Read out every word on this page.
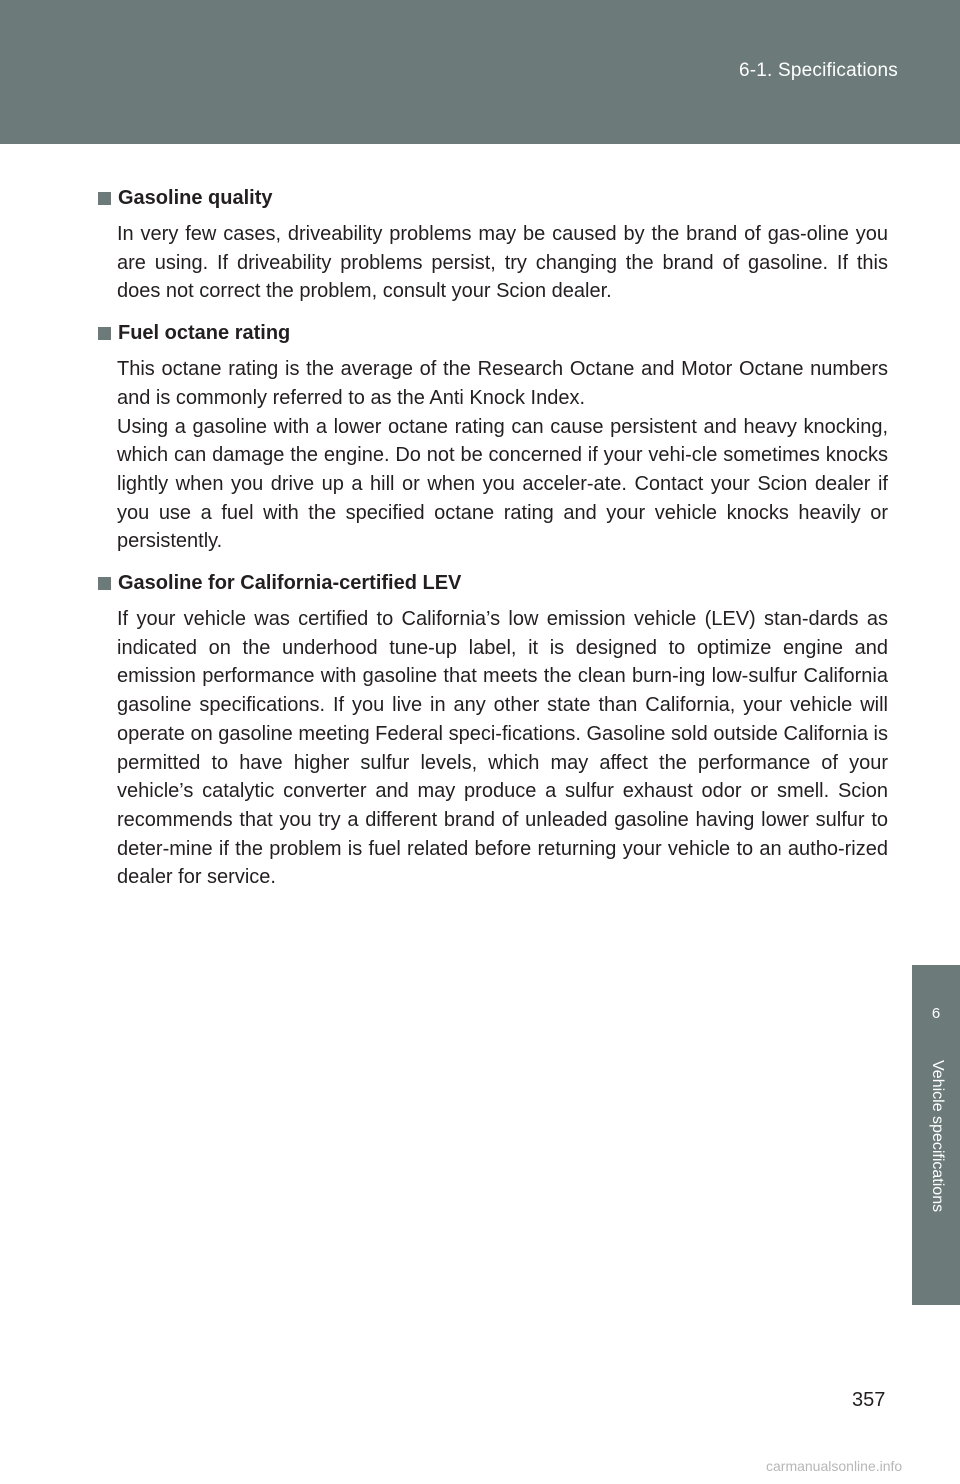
6-1. Specifications
6
Vehicle specifications
Gasoline quality

In very few cases, driveability problems may be caused by the brand of gas-oline you are using. If driveability problems persist, try changing the brand of gasoline. If this does not correct the problem, consult your Scion dealer.

Fuel octane rating

This octane rating is the average of the Research Octane and Motor Octane numbers and is commonly referred to as the Anti Knock Index.

Using a gasoline with a lower octane rating can cause persistent and heavy knocking, which can damage the engine. Do not be concerned if your vehi-cle sometimes knocks lightly when you drive up a hill or when you acceler-ate. Contact your Scion dealer if you use a fuel with the specified octane rating and your vehicle knocks heavily or persistently.

Gasoline for California-certified LEV

If your vehicle was certified to California’s low emission vehicle (LEV) stan-dards as indicated on the underhood tune-up label, it is designed to optimize engine and emission performance with gasoline that meets the clean burn-ing low-sulfur California gasoline specifications. If you live in any other state than California, your vehicle will operate on gasoline meeting Federal speci-fications. Gasoline sold outside California is permitted to have higher sulfur levels, which may affect the performance of your vehicle’s catalytic converter and may produce a sulfur exhaust odor or smell. Scion recommends that you try a different brand of unleaded gasoline having lower sulfur to deter-mine if the problem is fuel related before returning your vehicle to an autho-rized dealer for service.

357
carmanualsonline.info
